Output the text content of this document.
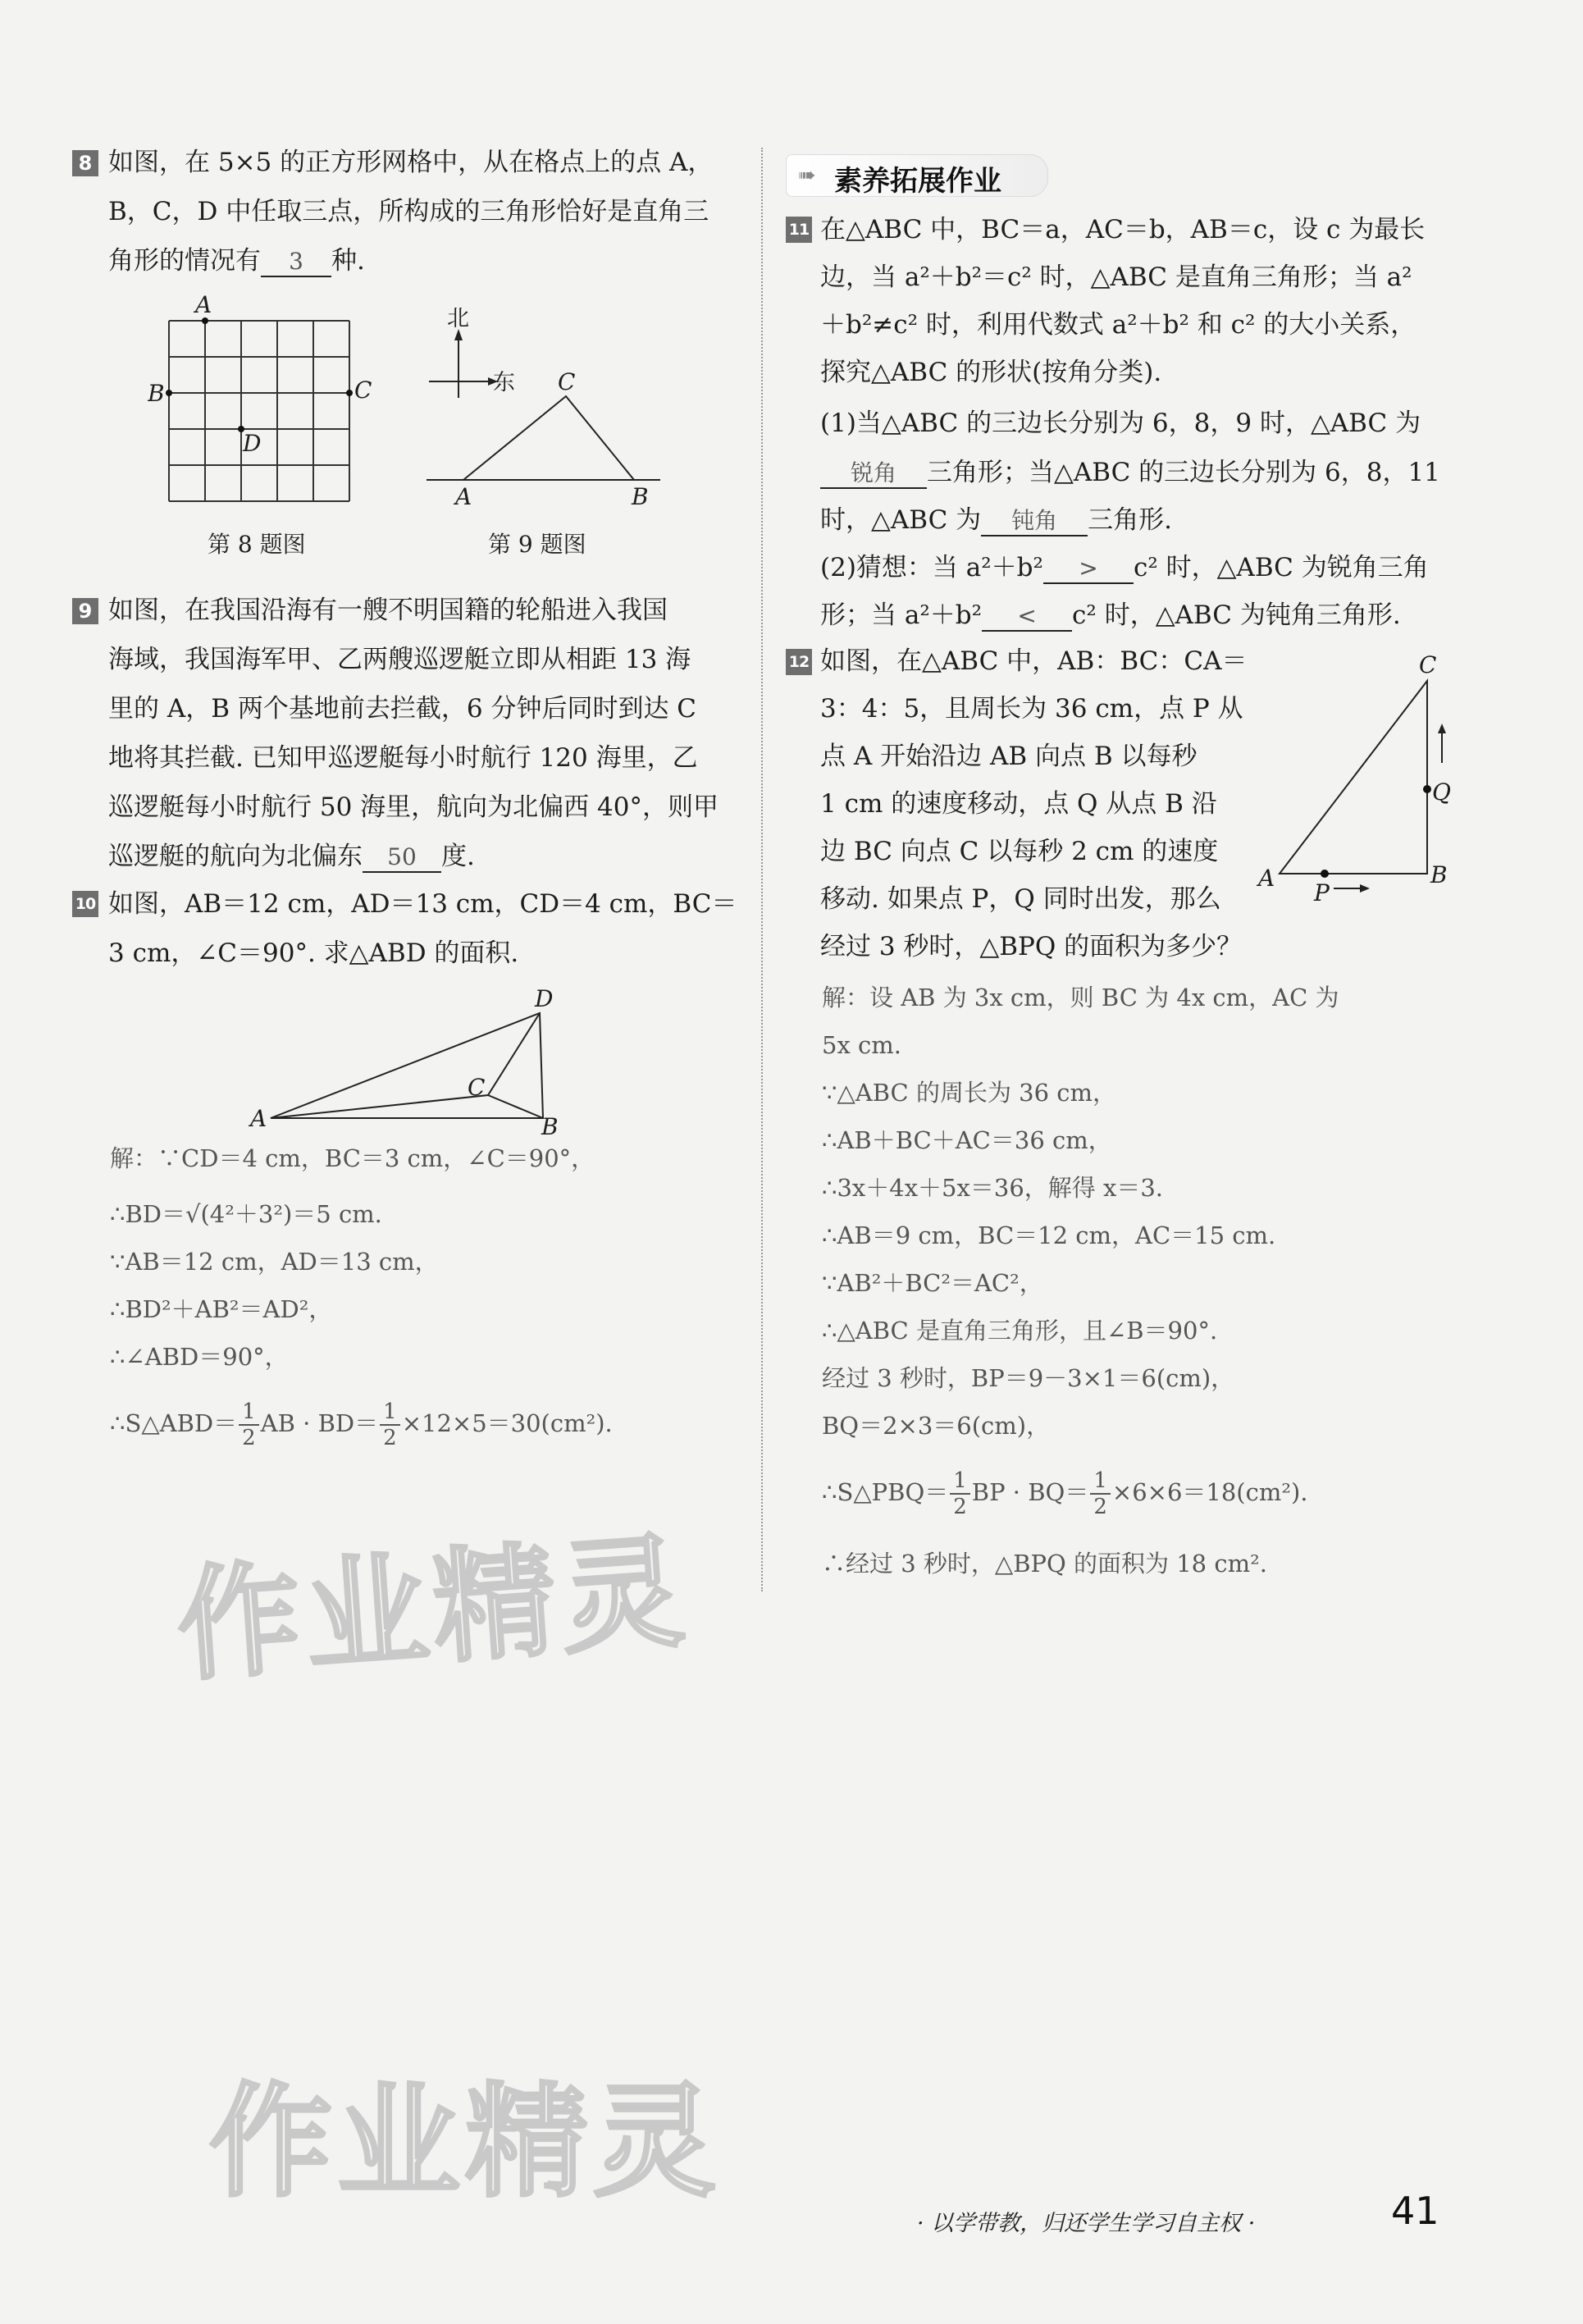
8 如图，在 5×5 的正方形网格中，从在格点上的点 A，
B，C，D 中任取三点，所构成的三角形恰好是直角三
角形的情况有 3 种.
A
B	C
D
第 8 题图
北
东 C
A	B
第 9 题图
9 如图，在我国沿海有一艘不明国籍的轮船进入我国
海域，我国海军甲、乙两艘巡逻艇立即从相距 13 海
里的 A，B 两个基地前去拦截，6 分钟后同时到达 C
地将其拦截. 已知甲巡逻艇每小时航行 120 海里，乙
巡逻艇每小时航行 50 海里，航向为北偏西 40°，则甲
巡逻艇的航向为北偏东 50 度.
10 如图，AB＝12 cm，AD＝13 cm，CD＝4 cm，BC＝
3 cm，∠C＝90°. 求△ABD 的面积.
D
C
A	B
解：∵CD＝4 cm，BC＝3 cm，∠C＝90°，
∴BD＝√(4²＋3²)＝5 cm.
∵AB＝12 cm，AD＝13 cm，
∴BD²＋AB²＝AD²，
∴∠ABD＝90°，
∴S△ABD＝ $\frac{1}{2}$ AB · $BD= \frac{1}{2} \times 12\times 5=30(cm^2)$.
作业精灵
作业精灵
➠ 素养拓展作业
11 在△ABC 中，BC＝a，AC＝b，AB＝c，设 c 为最长
边，当 a²＋b²＝c² 时，△ABC 是直角三角形；当 a²
＋b²≠c² 时，利用代数式 a²＋b² 和 c² 的大小关系，
探究△ABC 的形状(按角分类).
(1)当△ABC 的三边长分别为 6，8，9 时，△ABC 为
锐角 三角形；当△ABC 的三边长分别为 6，8，11
时，△ABC 为 钝角 三角形.
(2)猜想：当 a²＋b² > c² 时，△ABC 为锐角三角
形；当 a²＋b² < c² 时，△ABC 为钝角三角形.
12 如图，在△ABC 中，AB：BC：CA＝
3：4：5，且周长为 36 cm，点 P 从
点 A 开始沿边 AB 向点 B 以每秒
1 cm 的速度移动，点 Q 从点 B 沿
边 BC 向点 C 以每秒 2 cm 的速度
移动. 如果点 P，Q 同时出发，那么
经过 3 秒时，△BPQ 的面积为多少？
C
Q
A	B
P
解：设 AB 为 3x cm，则 BC 为 4x cm，AC 为
5x cm.
∵△ABC 的周长为 36 cm，
∴AB＋BC＋AC＝36 cm，
∴3x＋4x＋5x＝36，解得 x＝3.
∴AB＝9 cm，BC＝12 cm，AC＝15 cm.
∵AB²＋BC²＝AC²，
∴△ABC 是直角三角形，且∠B＝90°.
经过 3 秒时，BP＝9－3×1＝6(cm)，
BQ＝2×3＝6(cm)，
∴S△PBQ＝ $\frac{1}{2}$ BP · $BQ= \frac{1}{2} \times 6\times 6=18(cm^2)$.
∴经过 3 秒时，△BPQ 的面积为 18 cm².
· 以学带教，归还学生学习自主权 ·	41
